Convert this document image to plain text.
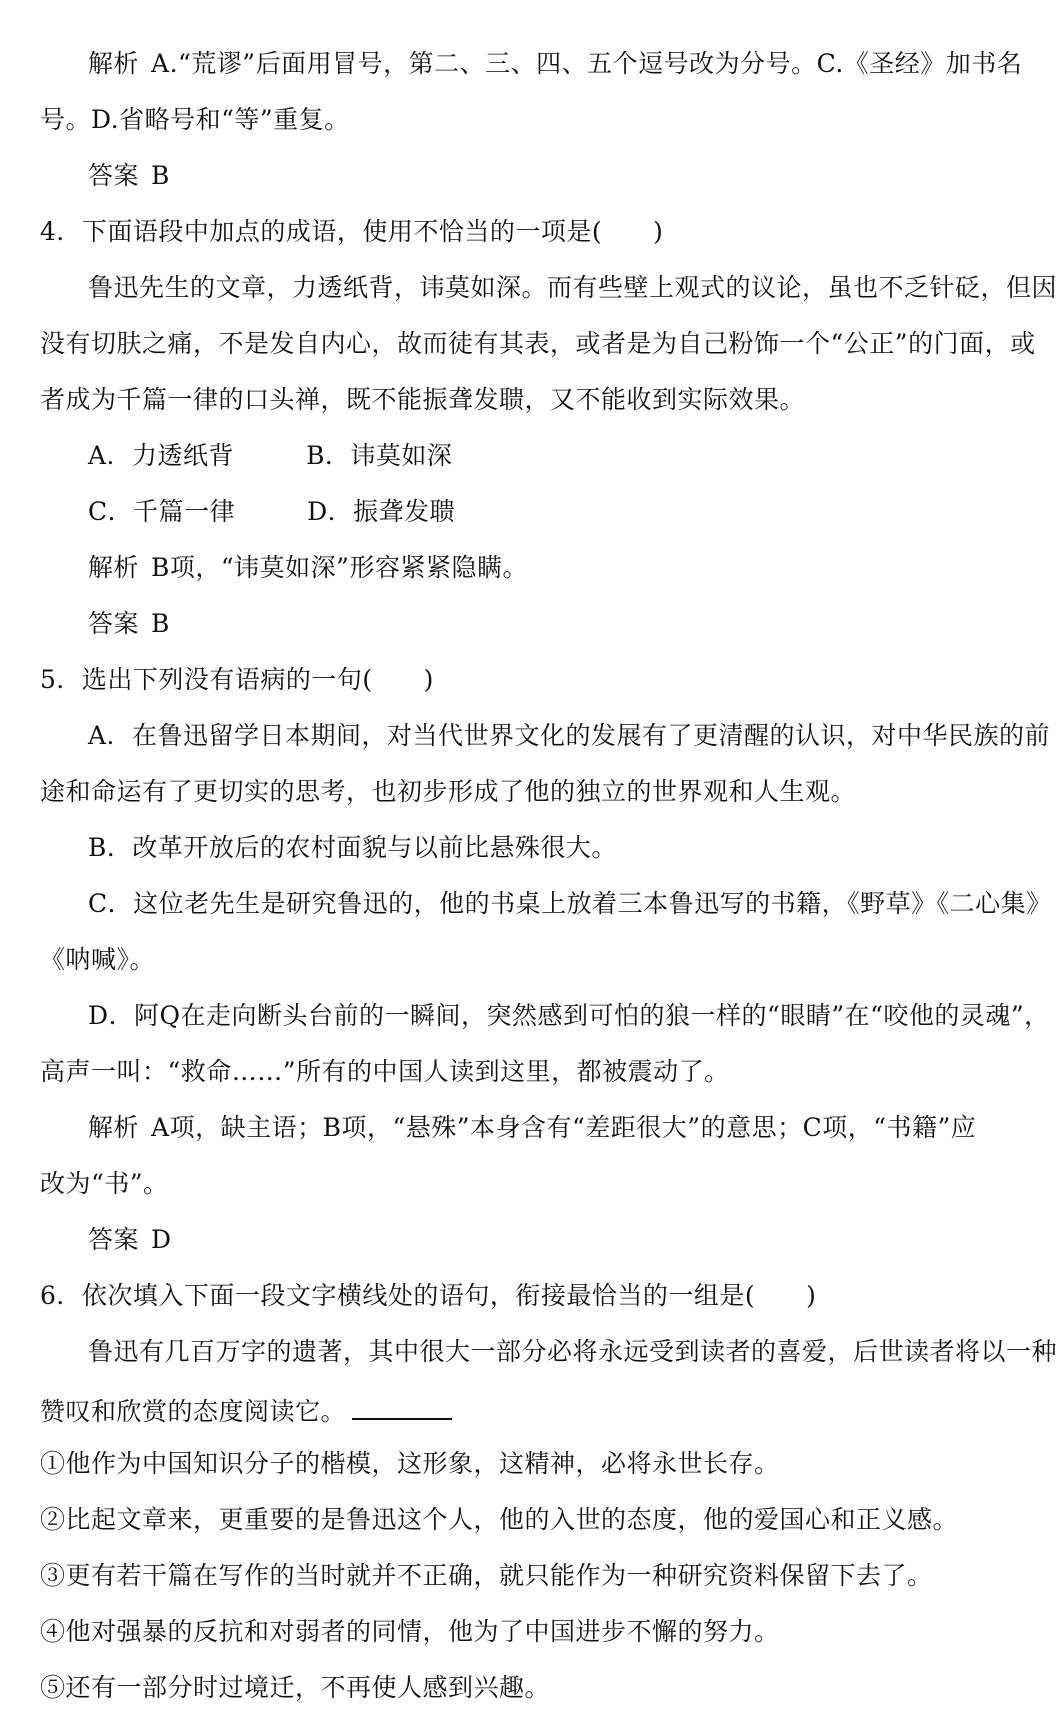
解析 A.“荒谬”后面用冒号，第二、三、四、五个逗号改为分号。C.《圣经》加书名
号。D.省略号和“等”重复。
答案 B
4．下面语段中加点的成语，使用不恰当的一项是(　　)
鲁迅先生的文章，力透纸背，讳莫如深。而有些壁上观式的议论，虽也不乏针砭，但因
没有切肤之痛，不是发自内心，故而徒有其表，或者是为自己粉饰一个“公正”的门面，或
者成为千篇一律的口头禅，既不能振聋发聩，又不能收到实际效果。
A．力透纸背	B．讳莫如深
C．千篇一律	D．振聋发聩
解析 B项，“讳莫如深”形容紧紧隐瞒。
答案 B
5．选出下列没有语病的一句(　　)
A．在鲁迅留学日本期间，对当代世界文化的发展有了更清醒的认识，对中华民族的前
途和命运有了更切实的思考，也初步形成了他的独立的世界观和人生观。
B．改革开放后的农村面貌与以前比悬殊很大。
C．这位老先生是研究鲁迅的，他的书桌上放着三本鲁迅写的书籍，《野草》《二心集》
《呐喊》。
D．阿Q在走向断头台前的一瞬间，突然感到可怕的狼一样的“眼睛”在“咬他的灵魂”，
高声一叫：“救命……”所有的中国人读到这里，都被震动了。
解析 A项，缺主语；B项，“悬殊”本身含有“差距很大”的意思；C项，“书籍”应
改为“书”。
答案 D
6．依次填入下面一段文字横线处的语句，衔接最恰当的一组是(　　)
鲁迅有几百万字的遗著，其中很大一部分必将永远受到读者的喜爱，后世读者将以一种
赞叹和欣赏的态度阅读它。
①他作为中国知识分子的楷模，这形象，这精神，必将永世长存。
②比起文章来，更重要的是鲁迅这个人，他的入世的态度，他的爱国心和正义感。
③更有若干篇在写作的当时就并不正确，就只能作为一种研究资料保留下去了。
④他对强暴的反抗和对弱者的同情，他为了中国进步不懈的努力。
⑤还有一部分时过境迁，不再使人感到兴趣。
